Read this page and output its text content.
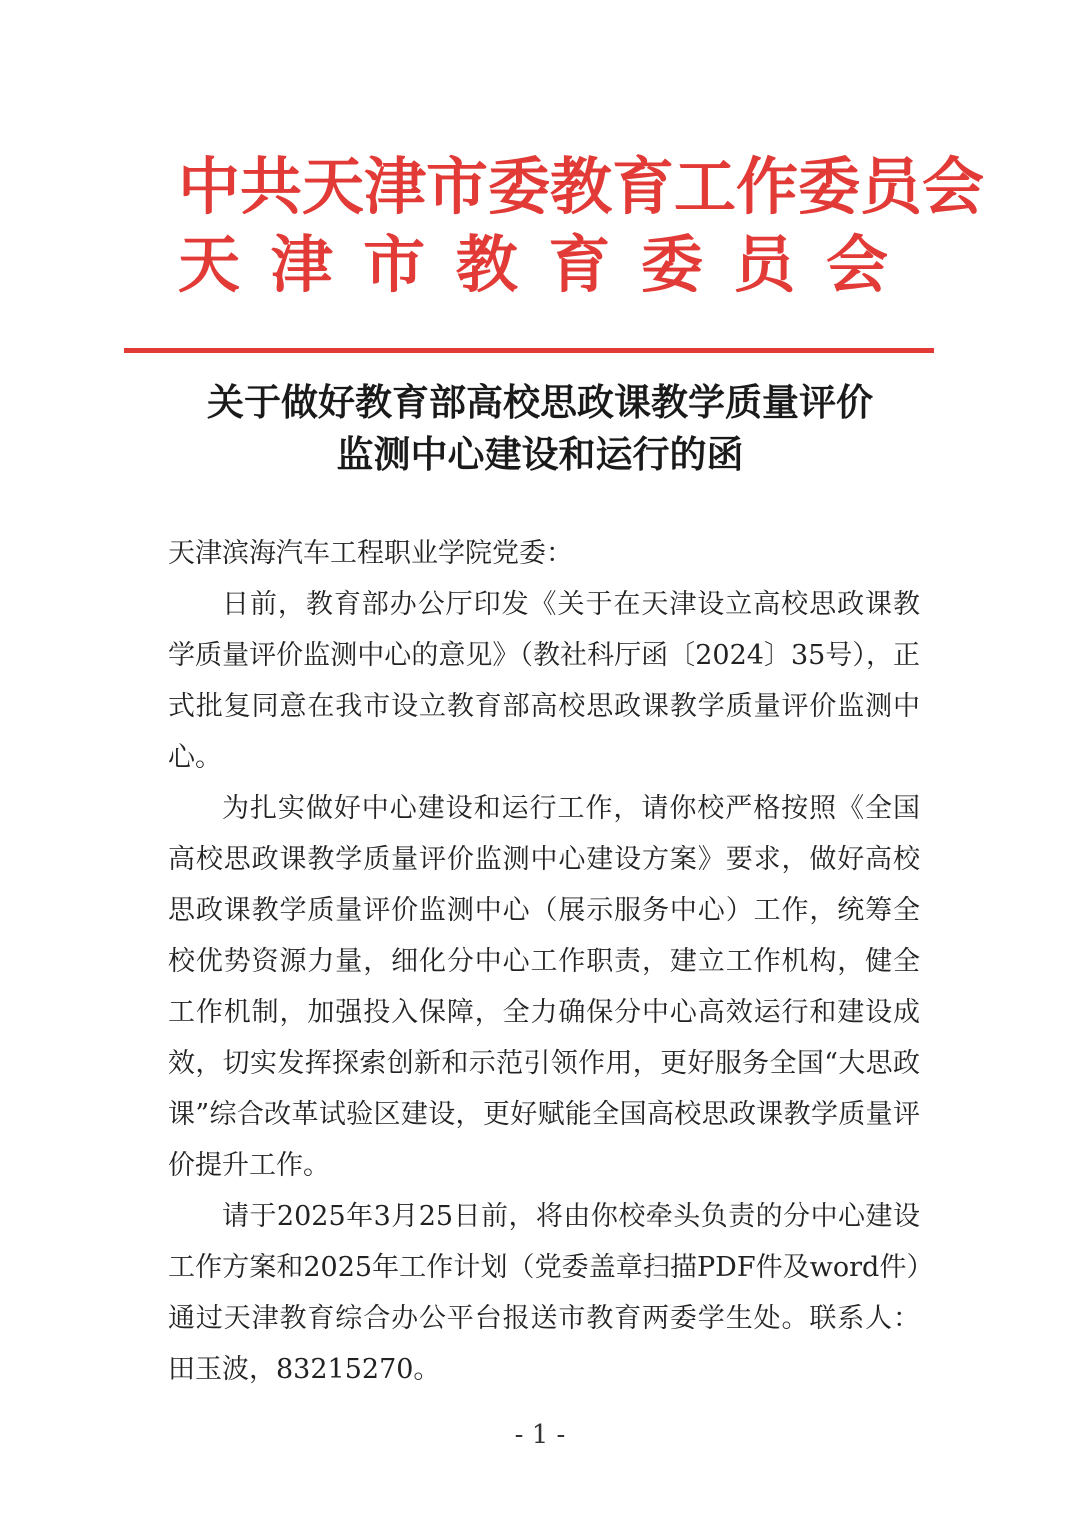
中共天津市委教育工作委员会
天 津 市 教 育 委 员 会
关于做好教育部高校思政课教学质量评价
监测中心建设和运行的函

天津滨海汽车工程职业学院党委：

日前，教育部办公厅印发《关于在天津设立高校思政课教学质量评价监测中心的意见》（教社科厅函〔2024〕35号），正式批复同意在我市设立教育部高校思政课教学质量评价监测中心。

为扎实做好中心建设和运行工作，请你校严格按照《全国高校思政课教学质量评价监测中心建设方案》要求，做好高校思政课教学质量评价监测中心（展示服务中心）工作，统筹全校优势资源力量，细化分中心工作职责，建立工作机构，健全工作机制，加强投入保障，全力确保分中心高效运行和建设成效，切实发挥探索创新和示范引领作用，更好服务全国“大思政课”综合改革试验区建设，更好赋能全国高校思政课教学质量评价提升工作。

请于2025年3月25日前，将由你校牵头负责的分中心建设工作方案和2025年工作计划（党委盖章扫描PDF件及word件）通过天津教育综合办公平台报送市教育两委学生处。联系人：田玉波，83215270。

- 1 -
